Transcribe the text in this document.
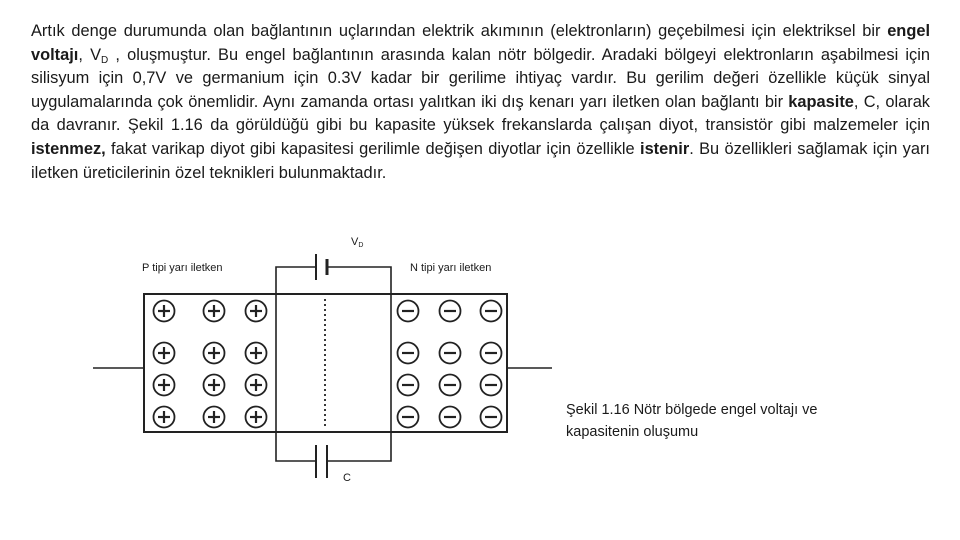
Artık denge durumunda olan bağlantının uçlarından elektrik akımının (elektronların) geçebilmesi için elektriksel bir engel voltajı, $V_D$ , oluşmuştur. Bu engel bağlantının arasında kalan nötr bölgedir. Aradaki bölgeyi elektronların aşabilmesi için silisyum için 0,7V ve germanium için 0.3V kadar bir gerilime ihtiyaç vardır. Bu gerilim değeri özellikle küçük sinyal uygulamalarında çok önemlidir. Aynı zamanda ortası yalıtkan iki dış kenarı yarı iletken olan bağlantı bir kapasite, C, olarak da davranır. Şekil 1.16 da görüldüğü gibi bu kapasite yüksek frekanslarda çalışan diyot, transistör gibi malzemeler için istenmez, fakat varikap diyot gibi kapasitesi gerilimle değişen diyotlar için özellikle istenir. Bu özellikleri sağlamak için yarı iletken üreticilerinin özel teknikleri bulunmaktadır.
$V_D$
P tipi yarı iletken	N tipi yarı iletken
C
Şekil 1.16 Nötr bölgede engel voltajı ve kapasitenin oluşumu
